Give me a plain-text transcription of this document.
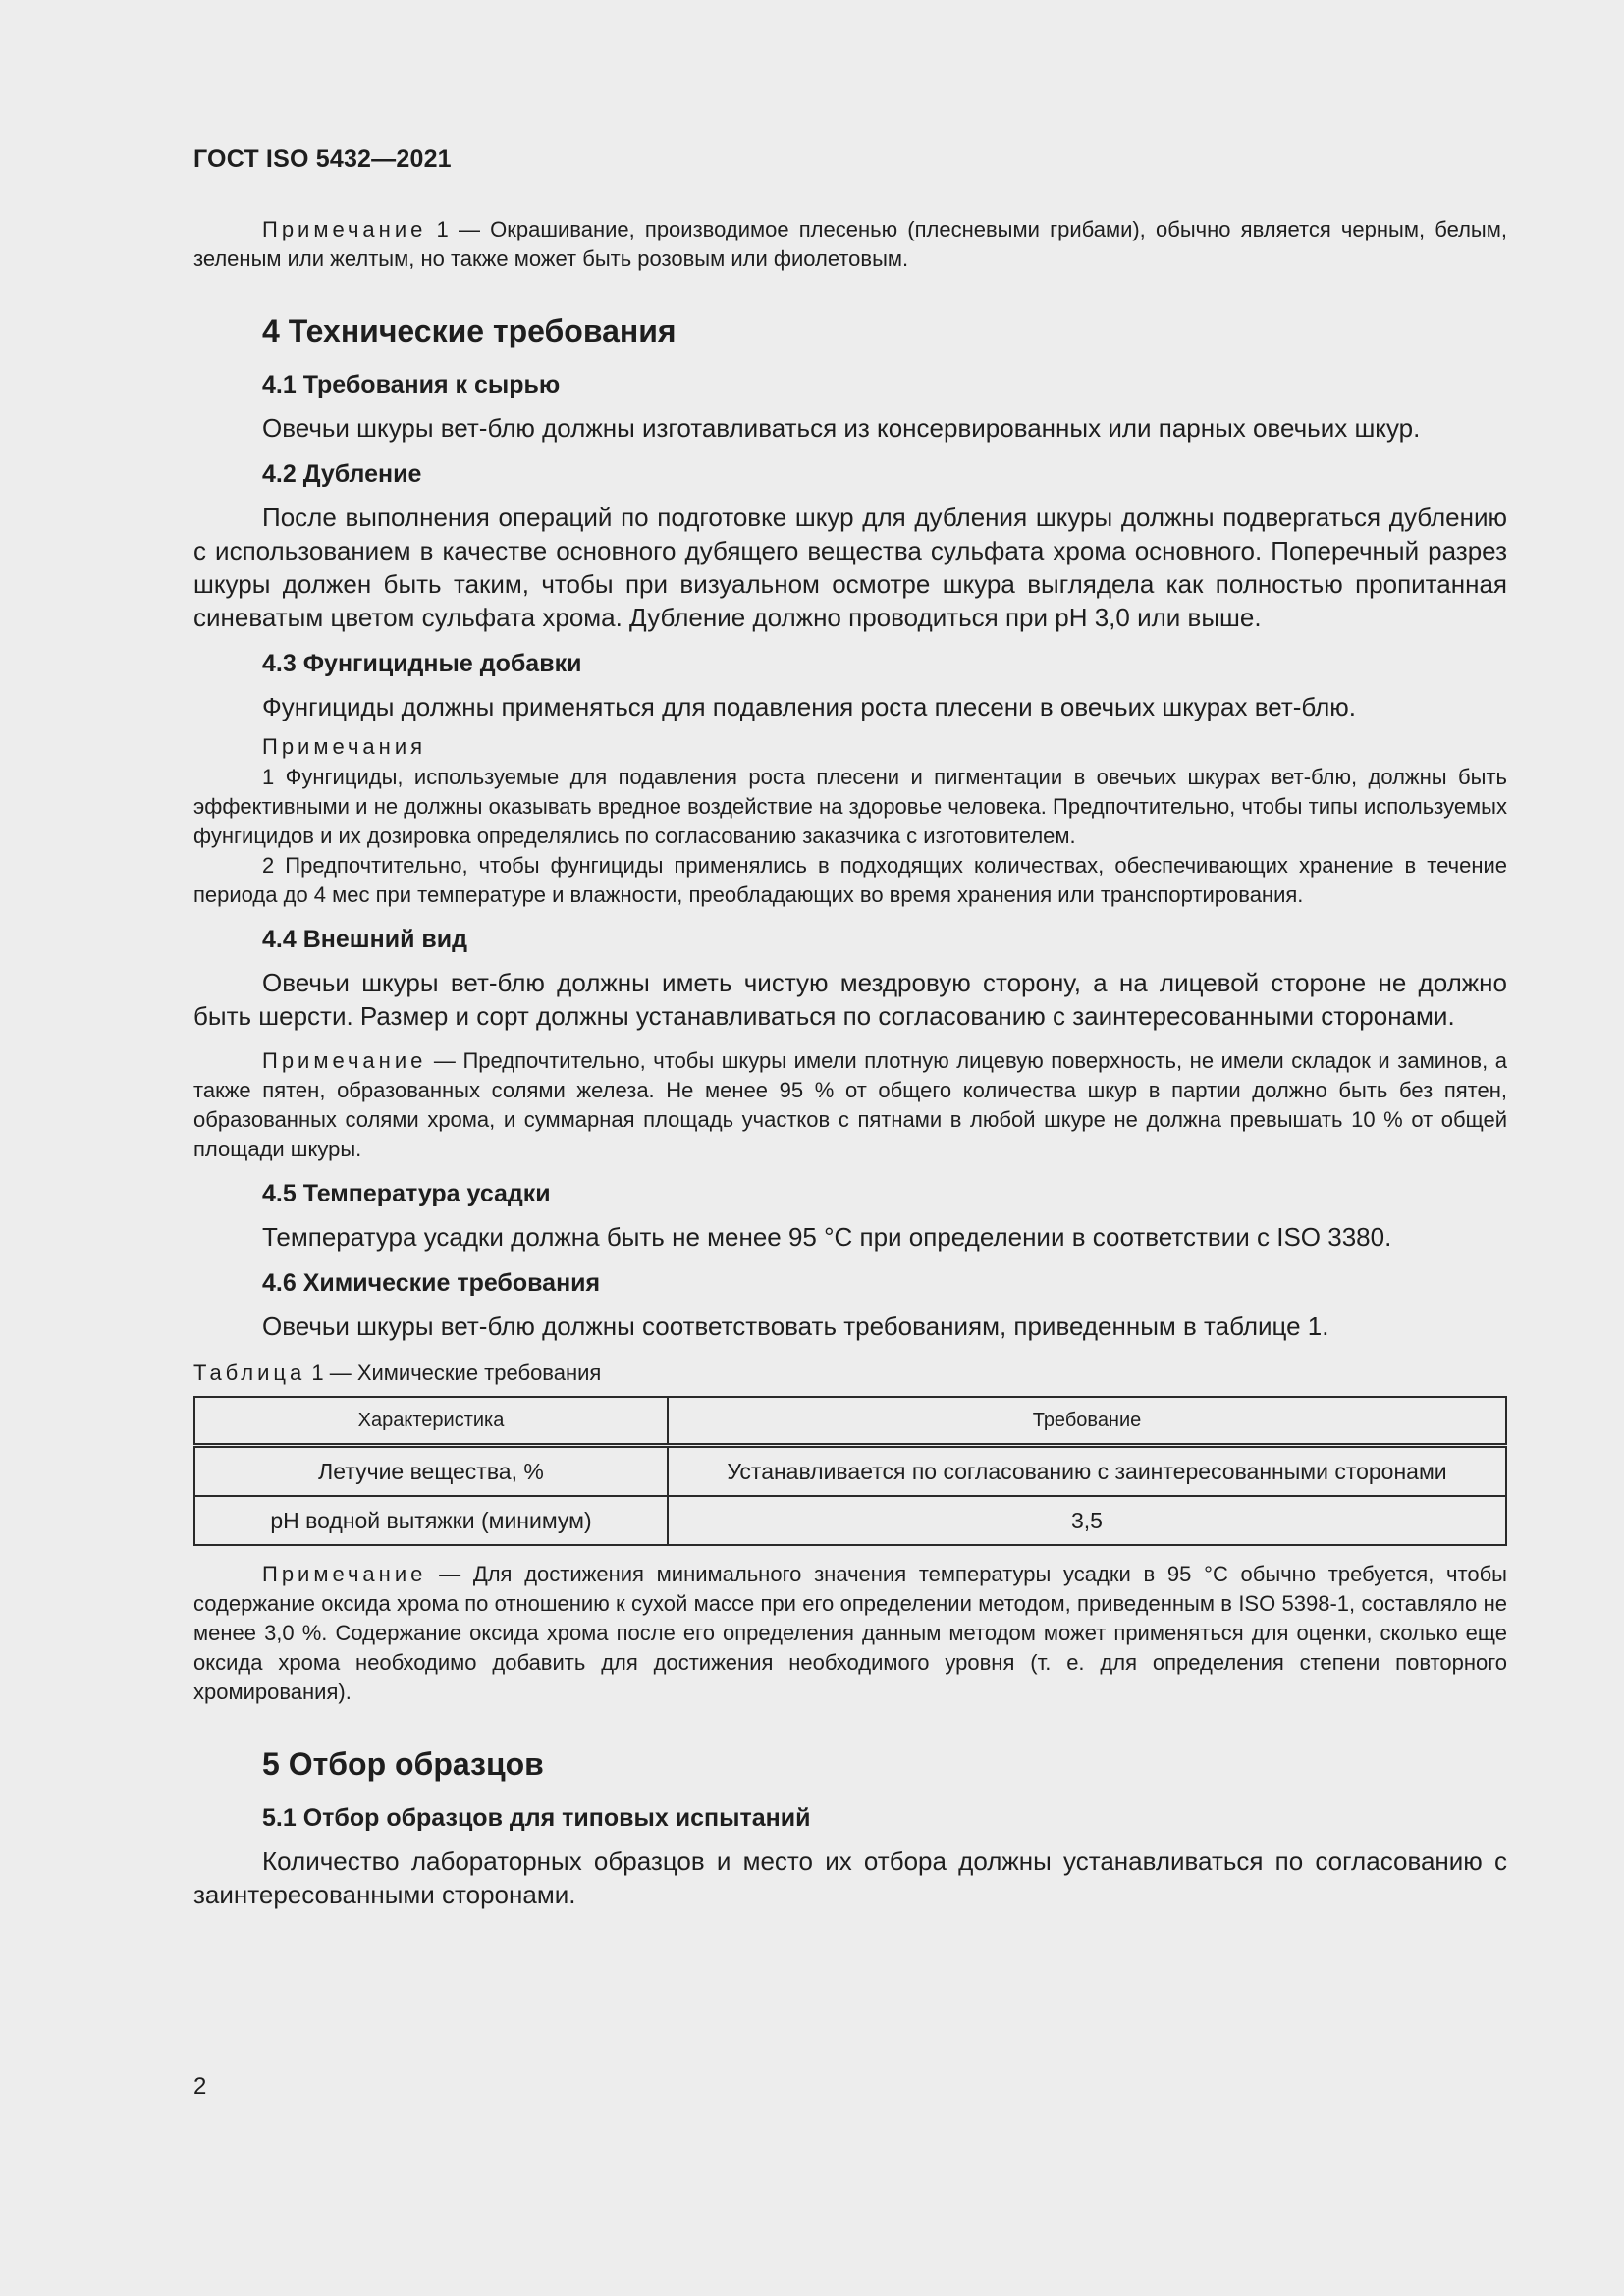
ГОСТ ISO 5432—2021

Примечание 1 — Окрашивание, производимое плесенью (плесневыми грибами), обычно является черным, белым, зеленым или желтым, но также может быть розовым или фиолетовым.

4 Технические требования
4.1 Требования к сырью

Овечьи шкуры вет-блю должны изготавливаться из консервированных или парных овечьих шкур.

4.2 Дубление

После выполнения операций по подготовке шкур для дубления шкуры должны подвергаться дублению с использованием в качестве основного дубящего вещества сульфата хрома основного. Поперечный разрез шкуры должен быть таким, чтобы при визуальном осмотре шкура выглядела как полностью пропитанная синеватым цветом сульфата хрома. Дубление должно проводиться при pH 3,0 или выше.

4.3 Фунгицидные добавки

Фунгициды должны применяться для подавления роста плесени в овечьих шкурах вет-блю.

Примечания

1 Фунгициды, используемые для подавления роста плесени и пигментации в овечьих шкурах вет-блю, должны быть эффективными и не должны оказывать вредное воздействие на здоровье человека. Предпочтительно, чтобы типы используемых фунгицидов и их дозировка определялись по согласованию заказчика с изготовителем.

2 Предпочтительно, чтобы фунгициды применялись в подходящих количествах, обеспечивающих хранение в течение периода до 4 мес при температуре и влажности, преобладающих во время хранения или транспортирования.

4.4 Внешний вид

Овечьи шкуры вет-блю должны иметь чистую мездровую сторону, а на лицевой стороне не должно быть шерсти. Размер и сорт должны устанавливаться по согласованию с заинтересованными сторонами.

Примечание — Предпочтительно, чтобы шкуры имели плотную лицевую поверхность, не имели складок и заминов, а также пятен, образованных солями железа. Не менее 95 % от общего количества шкур в партии должно быть без пятен, образованных солями хрома, и суммарная площадь участков с пятнами в любой шкуре не должна превышать 10 % от общей площади шкуры.

4.5 Температура усадки

Температура усадки должна быть не менее 95 °С при определении в соответствии с ISO 3380.

4.6 Химические требования

Овечьи шкуры вет-блю должны соответствовать требованиям, приведенным в таблице 1.

Таблица 1 — Химические требования
Характеристика	Требование
Летучие вещества, %	Устанавливается по согласованию с заинтересованными сторонами
pH водной вытяжки (минимум)	3,5

Примечание — Для достижения минимального значения температуры усадки в 95 °С обычно требуется, чтобы содержание оксида хрома по отношению к сухой массе при его определении методом, приведенным в ISO 5398-1, составляло не менее 3,0 %. Содержание оксида хрома после его определения данным методом может применяться для оценки, сколько еще оксида хрома необходимо добавить для достижения необходимого уровня (т. е. для определения степени повторного хромирования).

5 Отбор образцов
5.1 Отбор образцов для типовых испытаний

Количество лабораторных образцов и место их отбора должны устанавливаться по согласованию с заинтересованными сторонами.

2
